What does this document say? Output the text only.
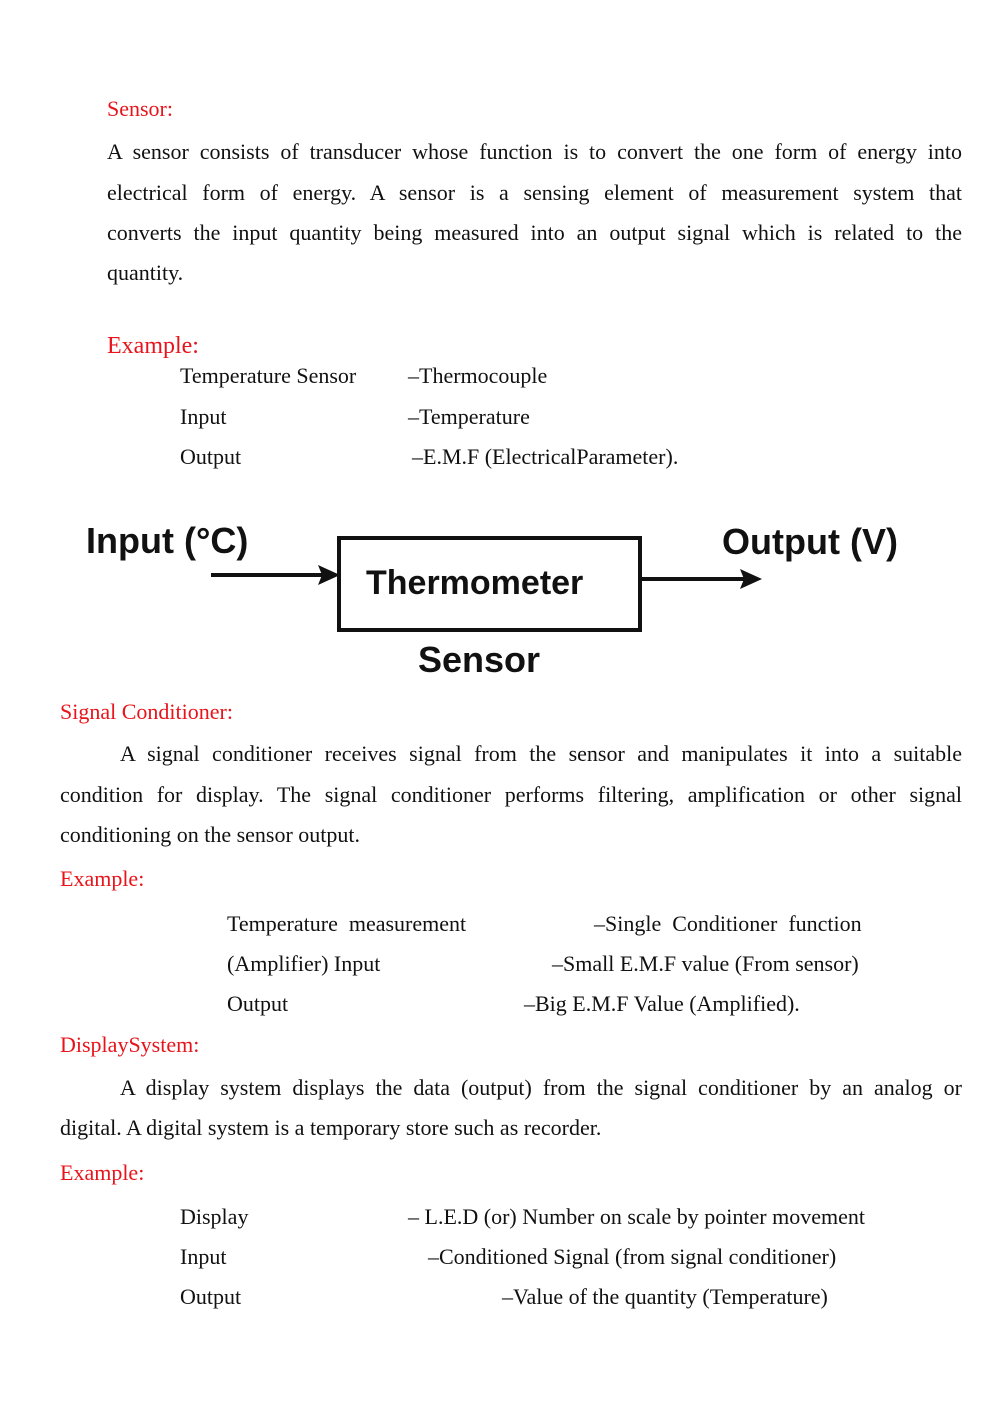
Sensor:
A sensor consists of transducer whose function is to convert the one form of energy into
electrical form of energy. A sensor is a sensing element of measurement system that
converts the input quantity being measured into an output signal which is related to the
quantity.
Example:
Temperature Sensor –Thermocouple
Input	–Temperature
Output	–E.M.F (ElectricalParameter).
Input (°C)
Thermometer
Output (V)
Sensor
Signal Conditioner:
A signal conditioner receives signal from the sensor and manipulates it into a suitable
condition for display. The signal conditioner performs filtering, amplification or other signal
conditioning on the sensor output.
Example:
Temperature  measurement	–Single  Conditioner  function
(Amplifier) Input	–Small E.M.F value (From sensor)
Output	–Big E.M.F Value (Amplified).
DisplaySystem:
A display system displays the data (output) from the signal conditioner by an analog or
digital. A digital system is a temporary store such as recorder.
Example:
Display	– L.E.D (or) Number on scale by pointer movement
Input	–Conditioned Signal (from signal conditioner)
Output	–Value of the quantity (Temperature)
